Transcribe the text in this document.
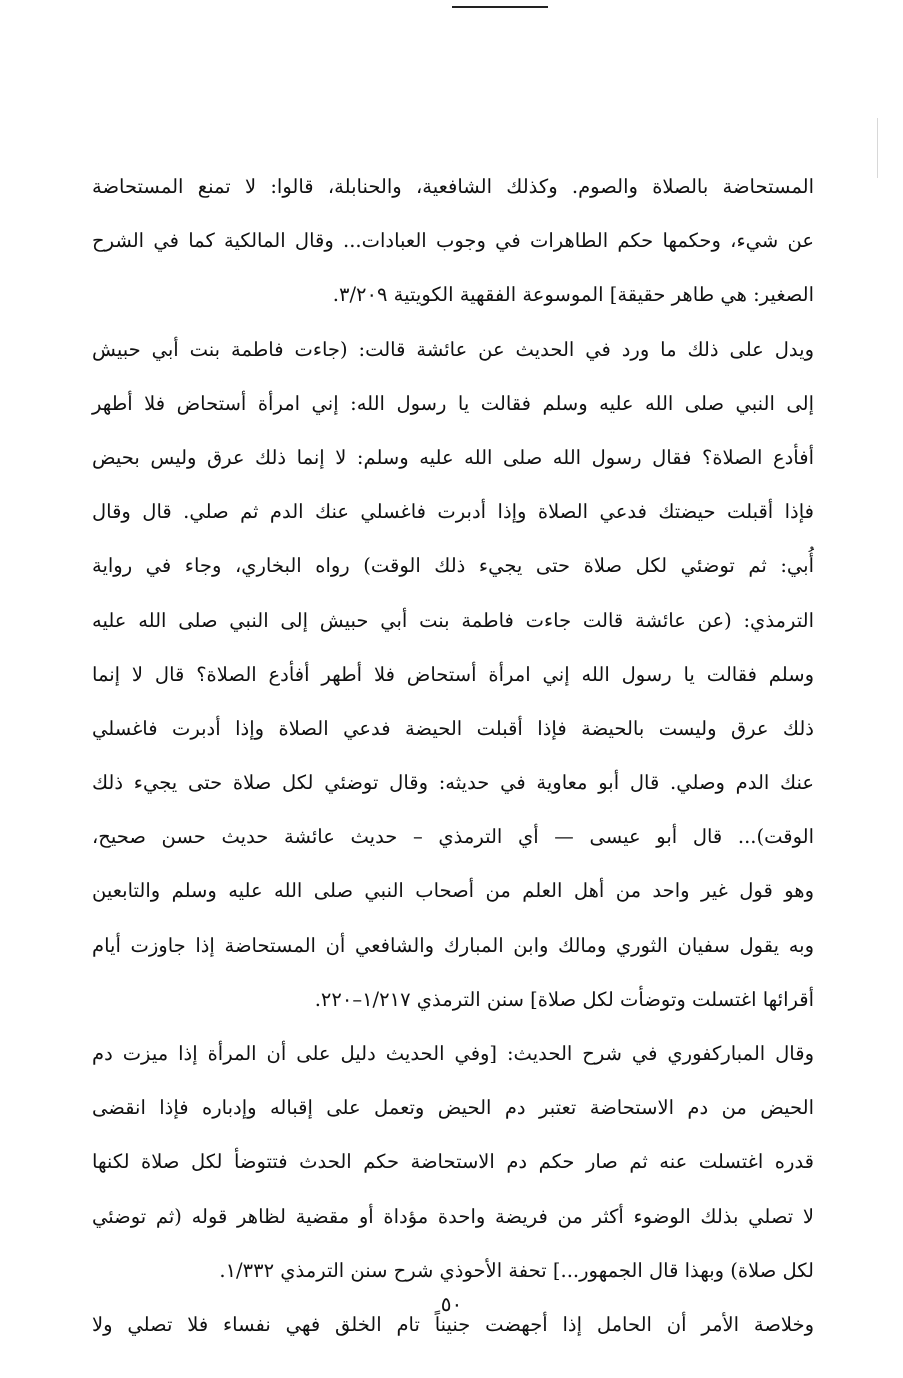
المستحاضة بالصلاة والصوم. وكذلك الشافعية، والحنابلة، قالوا: لا تمنع المستحاضة
عن شيء، وحكمها حكم الطاهرات في وجوب العبادات... وقال المالكية كما في الشرح
الصغير: هي طاهر حقيقة] الموسوعة الفقهية الكويتية ٣/٢٠٩.
ويدل على ذلك ما ورد في الحديث عن عائشة قالت: (جاءت فاطمة بنت أبي حبيش
إلى النبي صلى الله عليه وسلم فقالت يا رسول الله: إني امرأة أستحاض فلا أطهر
أفأدع الصلاة؟ فقال رسول الله صلى الله عليه وسلم: لا إنما ذلك عرق وليس بحيض
فإذا أقبلت حيضتك فدعي الصلاة وإذا أدبرت فاغسلي عنك الدم ثم صلي. قال وقال
أُبي: ثم توضئي لكل صلاة حتى يجيء ذلك الوقت) رواه البخاري، وجاء في رواية
الترمذي: (عن عائشة قالت جاءت فاطمة بنت أبي حبيش إلى النبي صلى الله عليه
وسلم فقالت يا رسول الله إني امرأة أستحاض فلا أطهر أفأدع الصلاة؟ قال لا إنما
ذلك عرق وليست بالحيضة فإذا أقبلت الحيضة فدعي الصلاة وإذا أدبرت فاغسلي
عنك الدم وصلي. قال أبو معاوية في حديثه: وقال توضئي لكل صلاة حتى يجيء ذلك
الوقت)... قال أبو عيسى — أي الترمذي – حديث عائشة حديث حسن صحيح،
وهو قول غير واحد من أهل العلم من أصحاب النبي صلى الله عليه وسلم والتابعين
وبه يقول سفيان الثوري ومالك وابن المبارك والشافعي أن المستحاضة إذا جاوزت أيام
أقرائها اغتسلت وتوضأت لكل صلاة] سنن الترمذي ١/٢١٧–٢٢٠.
وقال المباركفوري في شرح الحديث: [وفي الحديث دليل على أن المرأة إذا ميزت دم
الحيض من دم الاستحاضة تعتبر دم الحيض وتعمل على إقباله وإدباره فإذا انقضى
قدره اغتسلت عنه ثم صار حكم دم الاستحاضة حكم الحدث فتتوضأ لكل صلاة لكنها
لا تصلي بذلك الوضوء أكثر من فريضة واحدة مؤداة أو مقضية لظاهر قوله (ثم توضئي
لكل صلاة) وبهذا قال الجمهور...] تحفة الأحوذي شرح سنن الترمذي ١/٣٣٢.
وخلاصة الأمر أن الحامل إذا أجهضت جنيناً تام الخلق فهي نفساء فلا تصلي ولا
٥٠
